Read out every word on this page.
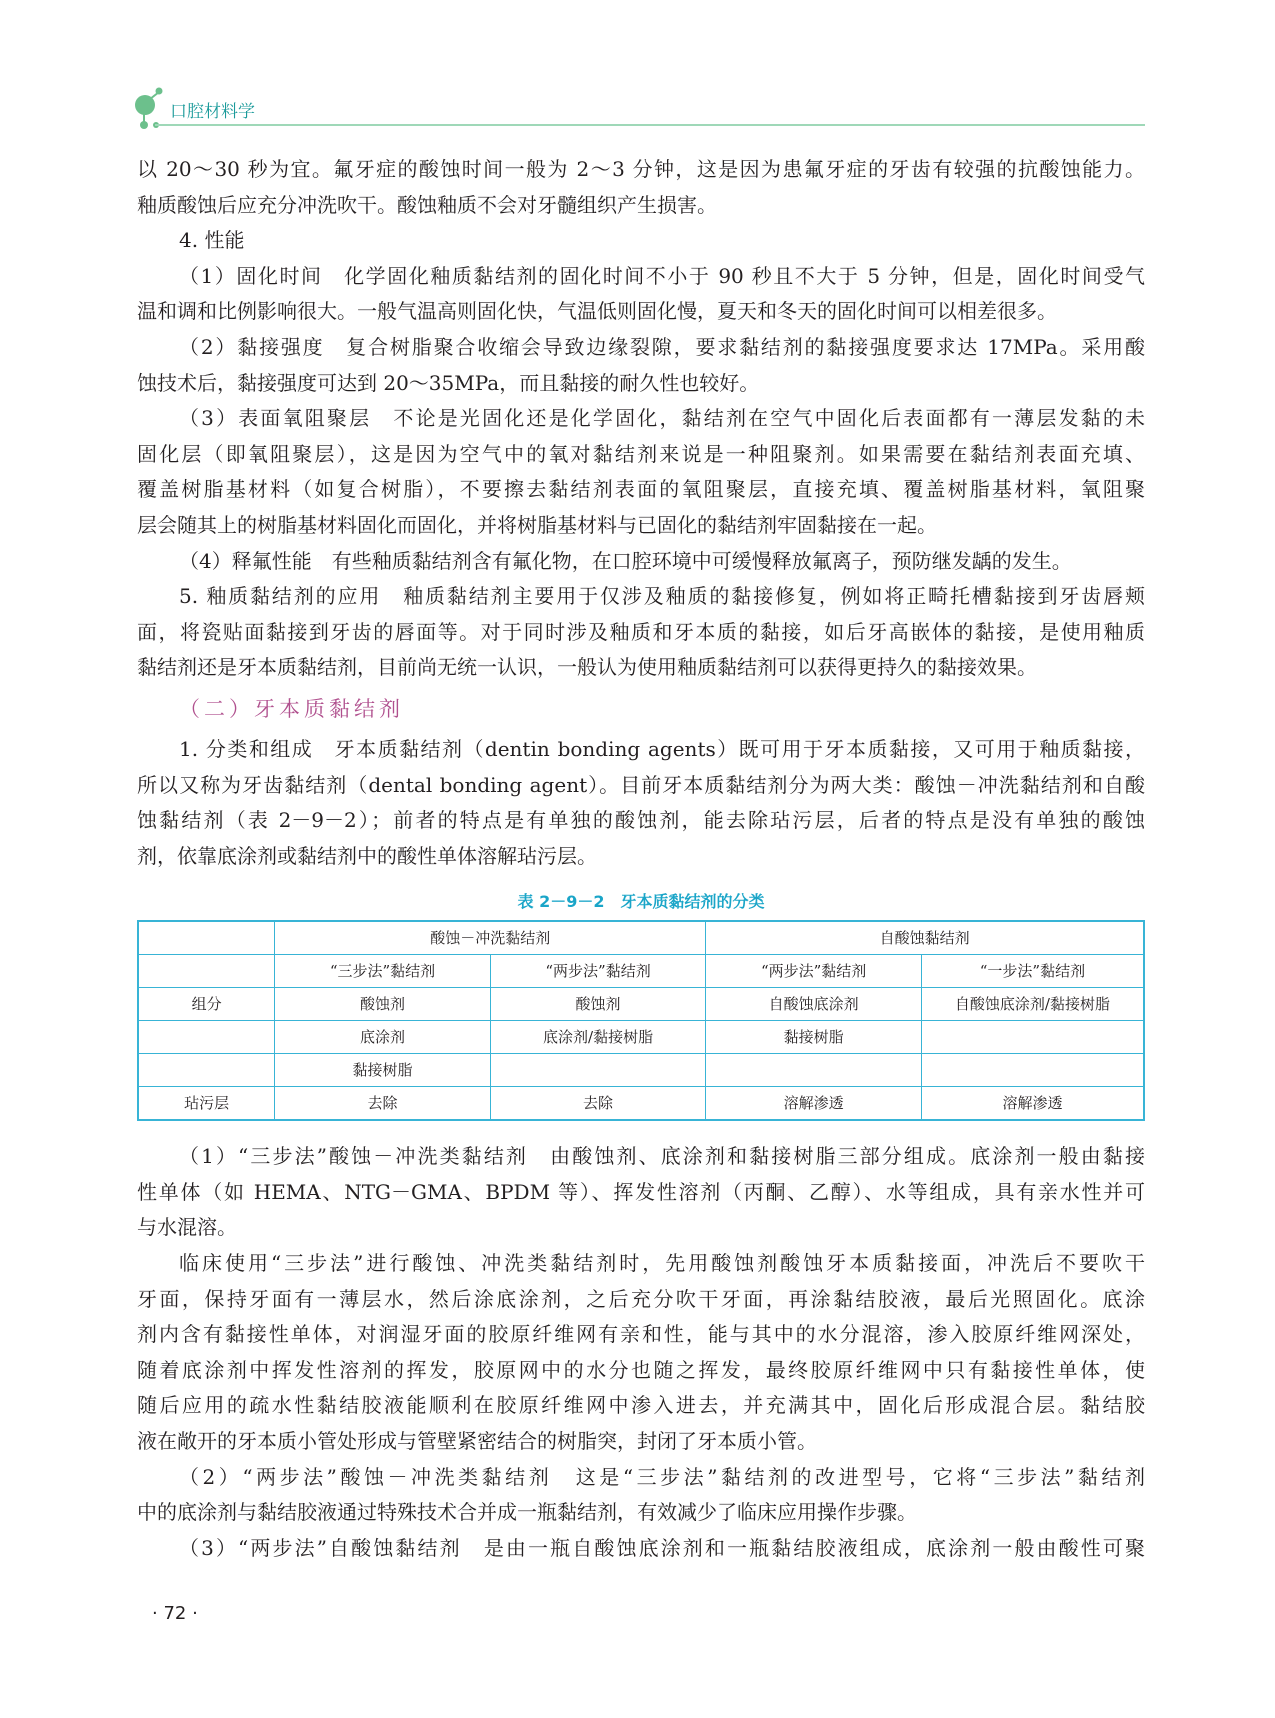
口腔材料学
以 20～30 秒为宜。氟牙症的酸蚀时间一般为 2～3 分钟，这是因为患氟牙症的牙齿有较强的抗酸蚀能力。
釉质酸蚀后应充分冲洗吹干。酸蚀釉质不会对牙髓组织产生损害。
4. 性能
（1）固化时间　化学固化釉质黏结剂的固化时间不小于 90 秒且不大于 5 分钟，但是，固化时间受气
温和调和比例影响很大。一般气温高则固化快，气温低则固化慢，夏天和冬天的固化时间可以相差很多。
（2）黏接强度　复合树脂聚合收缩会导致边缘裂隙，要求黏结剂的黏接强度要求达 17MPa。采用酸
蚀技术后，黏接强度可达到 20～35MPa，而且黏接的耐久性也较好。
（3）表面氧阻聚层　不论是光固化还是化学固化，黏结剂在空气中固化后表面都有一薄层发黏的未
固化层（即氧阻聚层），这是因为空气中的氧对黏结剂来说是一种阻聚剂。如果需要在黏结剂表面充填、
覆盖树脂基材料（如复合树脂），不要擦去黏结剂表面的氧阻聚层，直接充填、覆盖树脂基材料，氧阻聚
层会随其上的树脂基材料固化而固化，并将树脂基材料与已固化的黏结剂牢固黏接在一起。
（4）释氟性能　有些釉质黏结剂含有氟化物，在口腔环境中可缓慢释放氟离子，预防继发龋的发生。
5. 釉质黏结剂的应用　釉质黏结剂主要用于仅涉及釉质的黏接修复，例如将正畸托槽黏接到牙齿唇颊
面，将瓷贴面黏接到牙齿的唇面等。对于同时涉及釉质和牙本质的黏接，如后牙高嵌体的黏接，是使用釉质
黏结剂还是牙本质黏结剂，目前尚无统一认识，一般认为使用釉质黏结剂可以获得更持久的黏接效果。
（二）牙本质黏结剂
1. 分类和组成　牙本质黏结剂（dentin bonding agents）既可用于牙本质黏接，又可用于釉质黏接，
所以又称为牙齿黏结剂（dental bonding agent）。目前牙本质黏结剂分为两大类：酸蚀－冲洗黏结剂和自酸
蚀黏结剂（表 2－9－2）；前者的特点是有单独的酸蚀剂，能去除玷污层，后者的特点是没有单独的酸蚀
剂，依靠底涂剂或黏结剂中的酸性单体溶解玷污层。
表 2－9－2　牙本质黏结剂的分类
	酸蚀－冲洗黏结剂		自酸蚀黏结剂	
	“三步法”黏结剂	“两步法”黏结剂	“两步法”黏结剂	“一步法”黏结剂
组分	酸蚀剂	酸蚀剂	自酸蚀底涂剂	自酸蚀底涂剂/黏接树脂
	底涂剂	底涂剂/黏接树脂	黏接树脂	
	黏接树脂			
玷污层	去除	去除	溶解渗透	溶解渗透
（1）“三步法”酸蚀－冲洗类黏结剂　由酸蚀剂、底涂剂和黏接树脂三部分组成。底涂剂一般由黏接
性单体（如 HEMA、NTG－GMA、BPDM 等）、挥发性溶剂（丙酮、乙醇）、水等组成，具有亲水性并可
与水混溶。
临床使用“三步法”进行酸蚀、冲洗类黏结剂时，先用酸蚀剂酸蚀牙本质黏接面，冲洗后不要吹干
牙面，保持牙面有一薄层水，然后涂底涂剂，之后充分吹干牙面，再涂黏结胶液，最后光照固化。底涂
剂内含有黏接性单体，对润湿牙面的胶原纤维网有亲和性，能与其中的水分混溶，渗入胶原纤维网深处，
随着底涂剂中挥发性溶剂的挥发，胶原网中的水分也随之挥发，最终胶原纤维网中只有黏接性单体，使
随后应用的疏水性黏结胶液能顺利在胶原纤维网中渗入进去，并充满其中，固化后形成混合层。黏结胶
液在敞开的牙本质小管处形成与管壁紧密结合的树脂突，封闭了牙本质小管。
（2）“两步法”酸蚀－冲洗类黏结剂　这是“三步法”黏结剂的改进型号，它将“三步法”黏结剂
中的底涂剂与黏结胶液通过特殊技术合并成一瓶黏结剂，有效减少了临床应用操作步骤。
（3）“两步法”自酸蚀黏结剂　是由一瓶自酸蚀底涂剂和一瓶黏结胶液组成，底涂剂一般由酸性可聚
· 72 ·
